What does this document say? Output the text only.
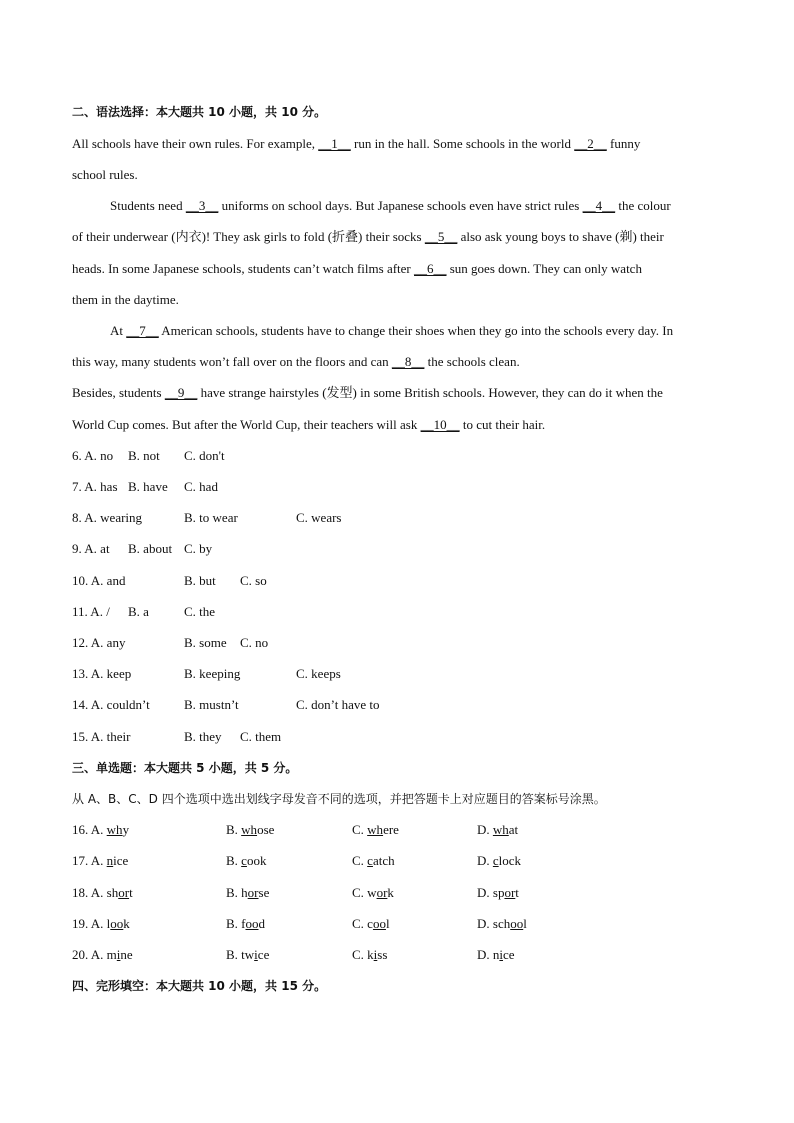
二、语法选择：本大题共 10 小题，共 10 分。
All schools have their own rules. For example, __1__ run in the hall. Some schools in the world __2__ funny
school rules.
Students need __3__ uniforms on school days. But Japanese schools even have strict rules __4__ the colour
of their underwear (内衣)! They ask girls to fold (折叠) their socks __5__ also ask young boys to shave (剃) their
heads. In some Japanese schools, students can’t watch films after __6__ sun goes down. They can only watch
them in the daytime.
At __7__ American schools, students have to change their shoes when they go into the schools every day. In
this way, many students won’t fall over on the floors and can __8__ the schools clean.
Besides, students __9__ have strange hairstyles (发型) in some British schools. However, they can do it when the
World Cup comes. But after the World Cup, their teachers will ask __10__ to cut their hair.
6. A. no B. not C. don't
7. A. has B. have C. had
8. A. wearing	B. to wear	C. wears
9. A. at B. about C. by
10. A. and	B. but C. so
11. A. / B. a	C. the
12. A. any	B. some C. no
13. A. keep	B. keeping	C. keeps
14. A. couldn’t	B. mustn’t	C. don’t have to
15. A. their	B. they C. them
三、单选题：本大题共 5 小题，共 5 分。
从 A、B、C、D 四个选项中选出划线字母发音不同的选项，并把答题卡上对应题目的答案标号涂黑。
16. A. why	B. whose	C. where	D. what
17. A. nice	B. cook	C. catch	D. clock
18. A. short	B. horse	C. work	D. sport
19. A. look	B. food	C. cool	D. school
20. A. mine	B. twice	C. kiss	D. nice
四、完形填空：本大题共 10 小题，共 15 分。
